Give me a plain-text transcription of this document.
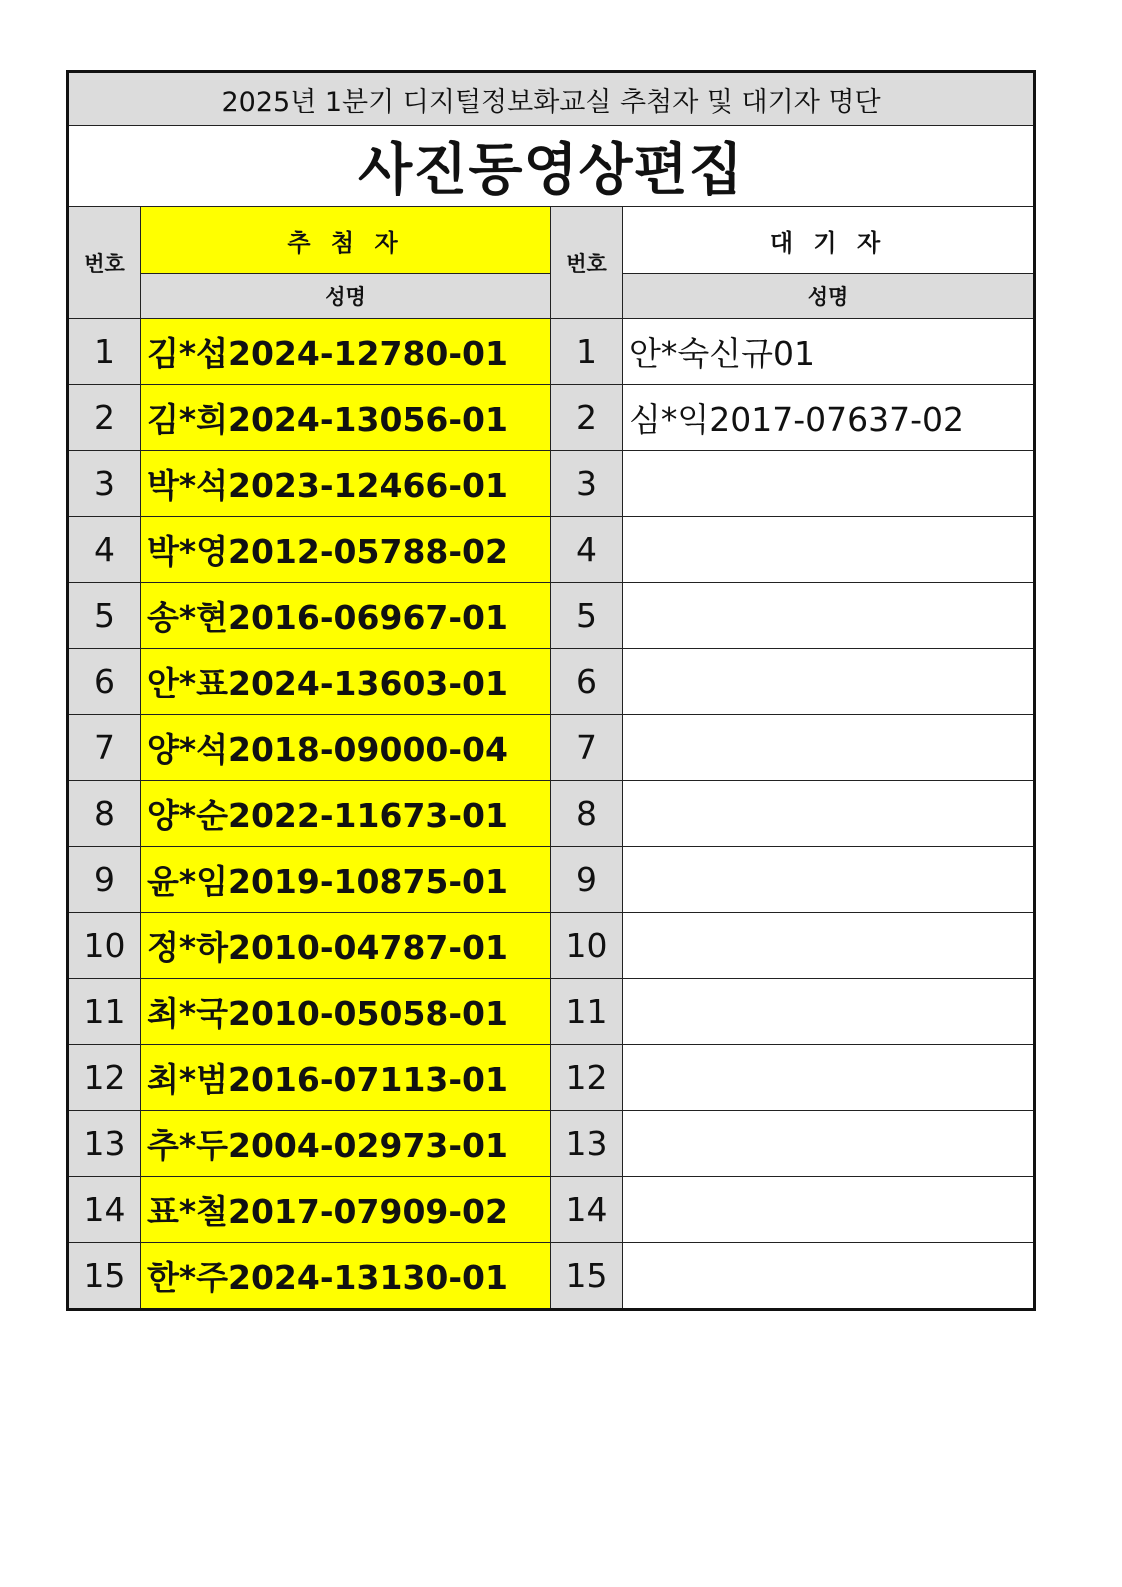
2025년 1분기 디지털정보화교실 추첨자 및 대기자 명단			
사진동영상편집			
번호	추 첨 자	번호	대 기 자
	성명		성명
1	김*섭2024-12780-01	1	안*숙신규01
2	김*희2024-13056-01	2	심*익2017-07637-02
3	박*석2023-12466-01	3	
4	박*영2012-05788-02	4	
5	송*현2016-06967-01	5	
6	안*표2024-13603-01	6	
7	양*석2018-09000-04	7	
8	양*순2022-11673-01	8	
9	윤*임2019-10875-01	9	
10	정*하2010-04787-01	10	
11	최*국2010-05058-01	11	
12	최*범2016-07113-01	12	
13	추*두2004-02973-01	13	
14	표*철2017-07909-02	14	
15	한*주2024-13130-01	15	
